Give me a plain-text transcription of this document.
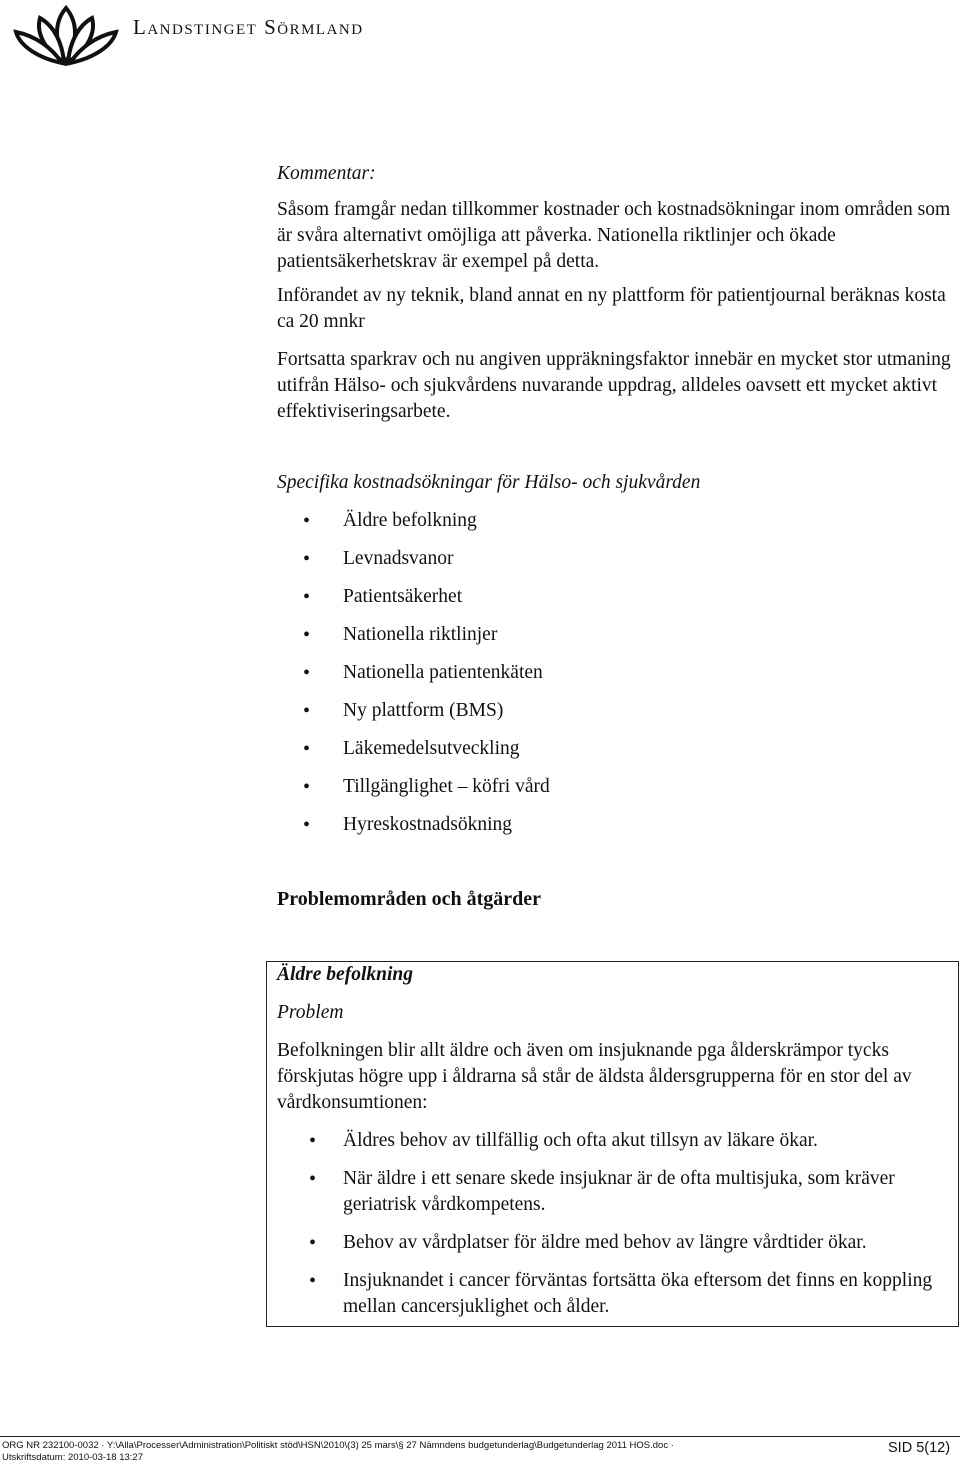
Landstinget Sörmland

Kommentar:

Såsom framgår nedan tillkommer kostnader och kostnadsökningar inom områden som är svåra alternativt omöjliga att påverka. Nationella riktlinjer och ökade patientsäkerhetskrav är exempel på detta.

Införandet av ny teknik, bland annat en ny plattform för patientjournal beräknas kosta ca 20 mnkr

Fortsatta sparkrav och nu angiven uppräkningsfaktor innebär en mycket stor utmaning utifrån Hälso- och sjukvårdens nuvarande uppdrag, alldeles oavsett ett mycket aktivt effektiviseringsarbete.

Specifika kostnadsökningar för Hälso- och sjukvården

• Äldre befolkning
• Levnadsvanor
• Patientsäkerhet
• Nationella riktlinjer
• Nationella patientenkäten
• Ny plattform (BMS)
• Läkemedelsutveckling
• Tillgänglighet – köfri vård
• Hyreskostnadsökning

Problemområden och åtgärder

Äldre befolkning

Problem

Befolkningen blir allt äldre och även om insjuknande pga ålderskrämpor tycks förskjutas högre upp i åldrarna så står de äldsta åldersgrupperna för en stor del av vårdkonsumtionen:

• Äldres behov av tillfällig och ofta akut tillsyn av läkare ökar.
• När äldre i ett senare skede insjuknar är de ofta multisjuka, som kräver geriatrisk vårdkompetens.
• Behov av vårdplatser för äldre med behov av längre vårdtider ökar.
• Insjuknandet i cancer förväntas fortsätta öka eftersom det finns en koppling mellan cancersjuklighet och ålder.
ORG NR 232100-0032 · Y:\Alla\Processer\Administration\Politiskt stöd\HSN\2010\(3) 25 mars\§ 27 Nämndens budgetunderlag\Budgetunderlag 2011 HOS.doc ·
Utskriftsdatum: 2010-03-18 13:27
SID 5(12)
